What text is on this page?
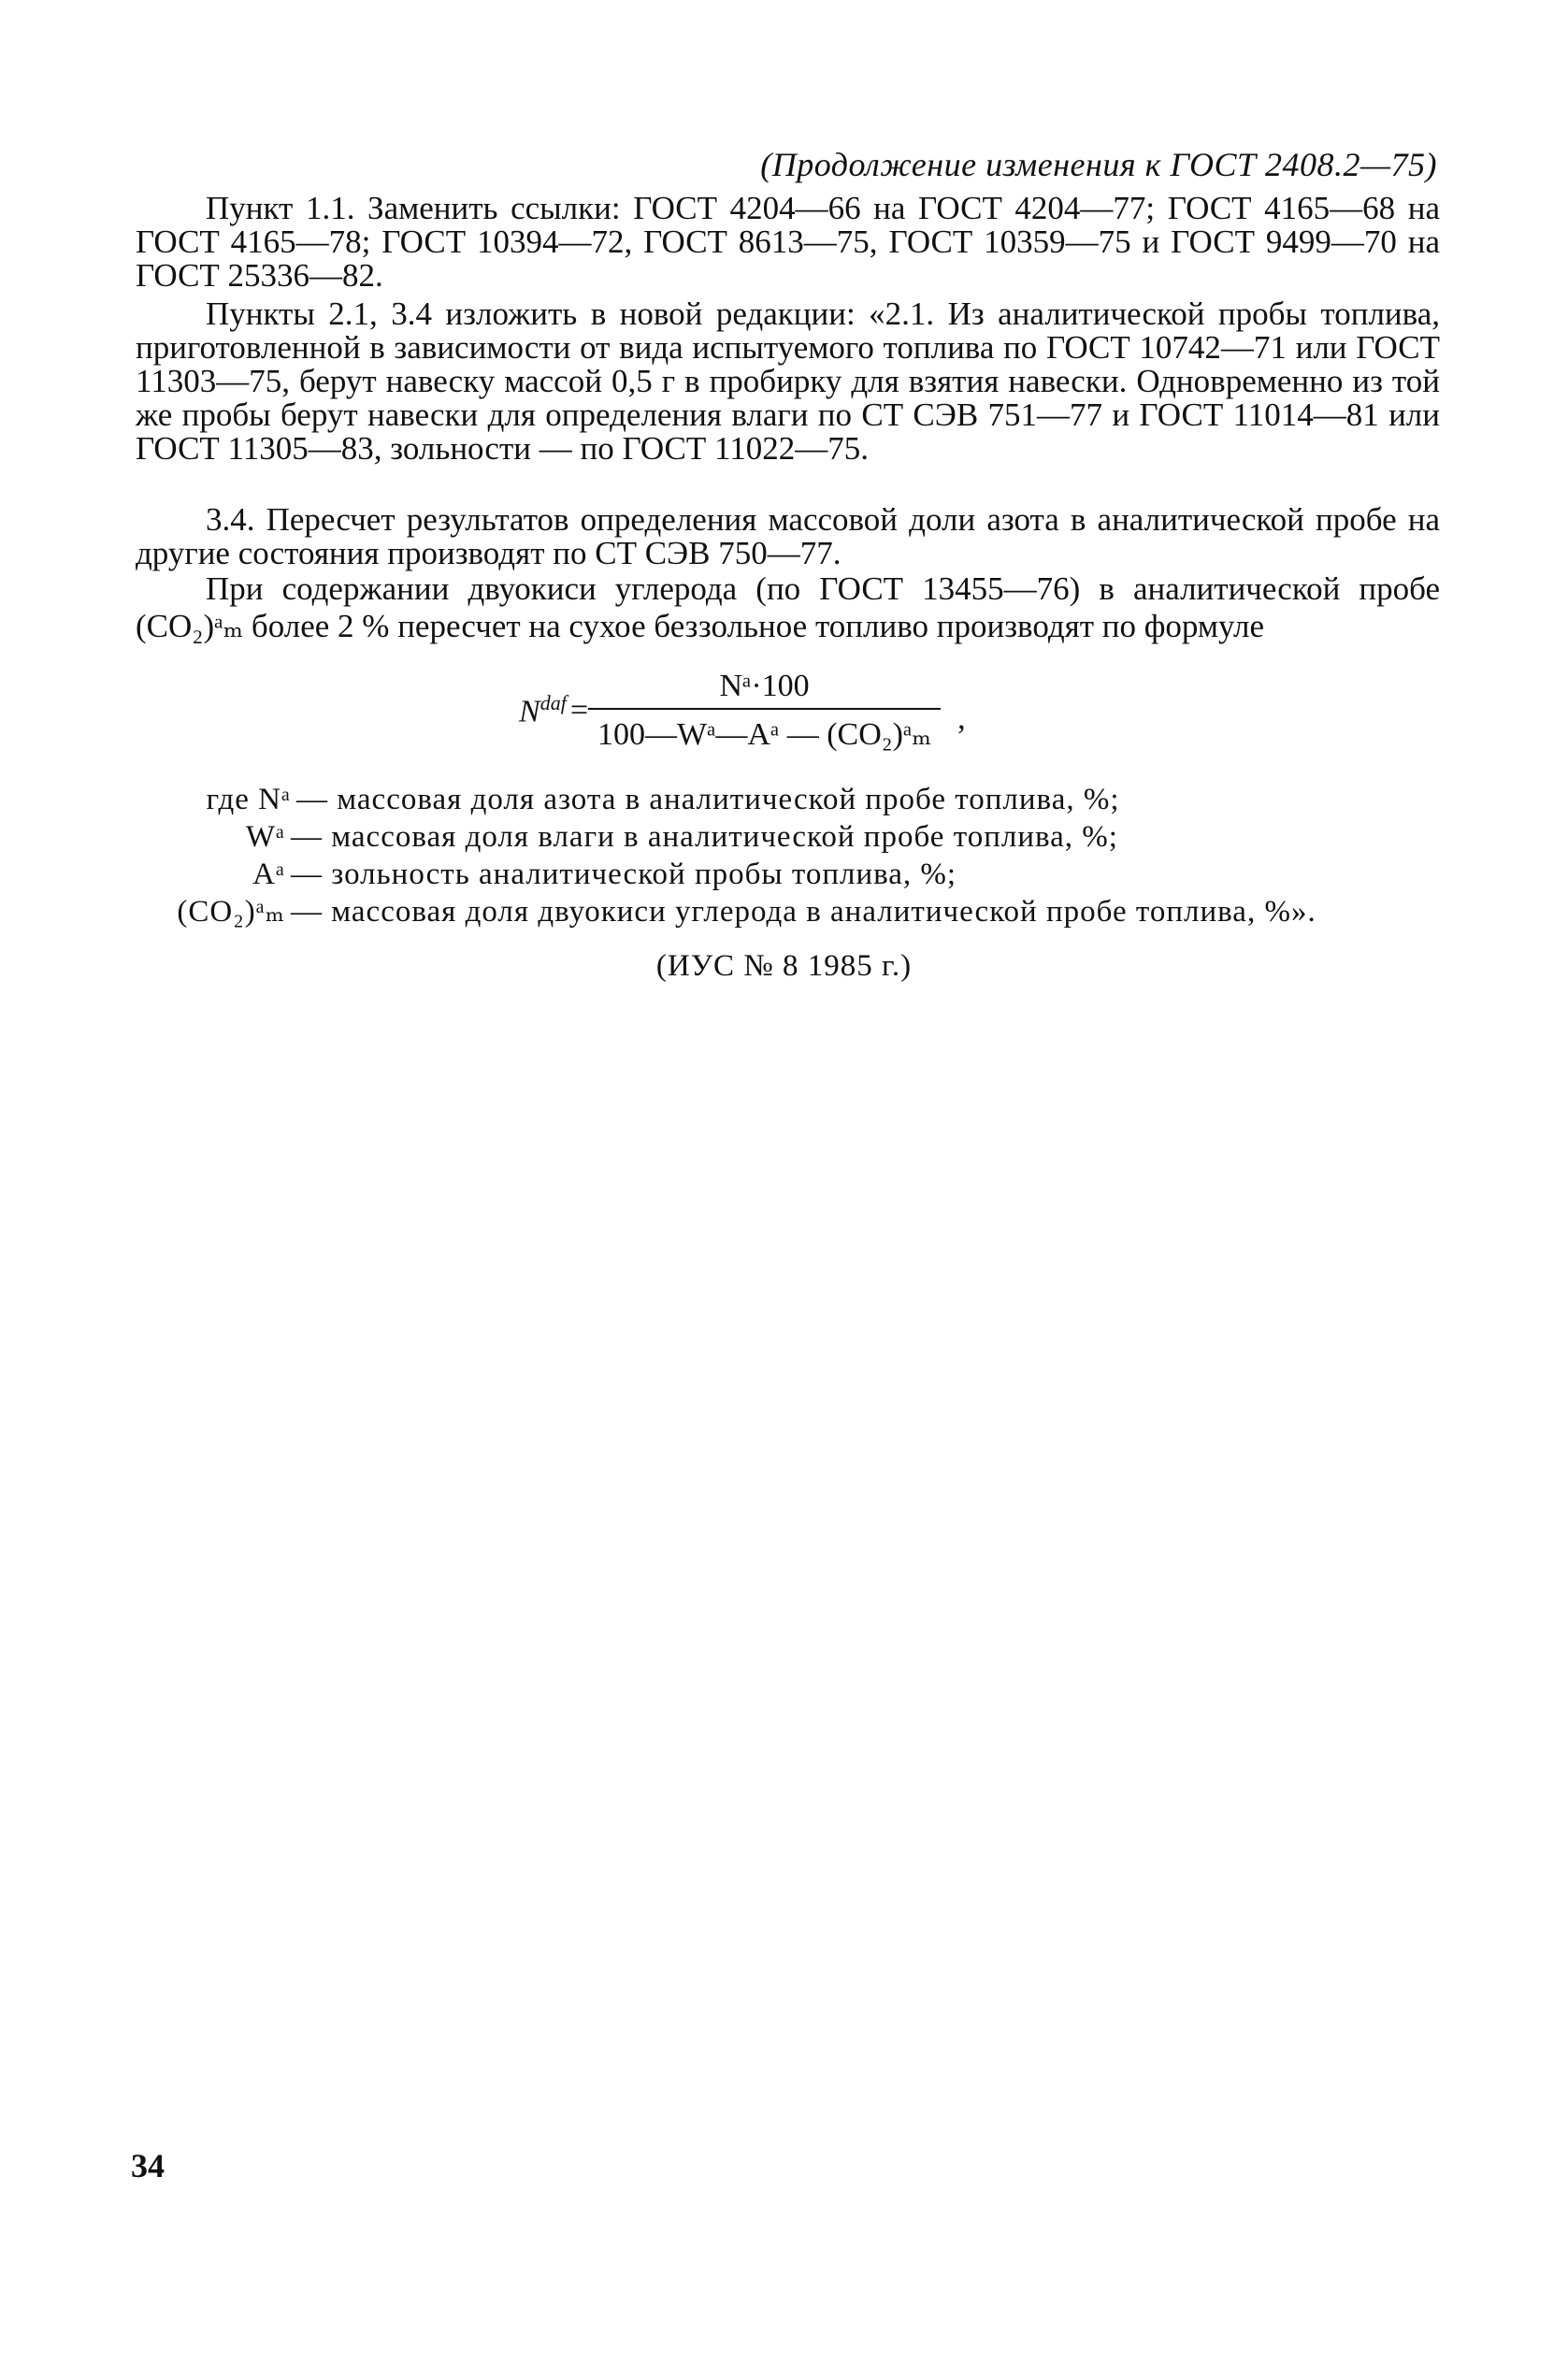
(Продолжение изменения к ГОСТ 2408.2—75)
Пункт 1.1. Заменить ссылки: ГОСТ 4204—66 на ГОСТ 4204—77; ГОСТ 4165—68 на ГОСТ 4165—78; ГОСТ 10394—72, ГОСТ 8613—75, ГОСТ 10359—75 и ГОСТ 9499—70 на ГОСТ 25336—82.
Пункты 2.1, 3.4 изложить в новой редакции: «2.1. Из аналитической пробы топлива, приготовленной в зависимости от вида испытуемого топлива по ГОСТ 10742—71 или ГОСТ 11303—75, берут навеску массой 0,5 г в пробирку для взятия навески. Одновременно из той же пробы берут навески для определения влаги по СТ СЭВ 751—77 и ГОСТ 11014—81 или ГОСТ 11305—83, зольности — по ГОСТ 11022—75.
3.4. Пересчет результатов определения массовой доли азота в аналитической пробе на другие состояния производят по СТ СЭВ 750—77.
При содержании двуокиси углерода (по ГОСТ 13455—76) в аналитической пробе (CO₂)ᵃₘ более 2 % пересчет на сухое беззольное топливо производят по формуле
$N^{daf} = \frac{\text{Nᵃ·100}}{\text{100—Wᵃ—Aᵃ — (CO₂)ᵃₘ}}$ ,
где Nᵃ — массовая доля азота в аналитической пробе топлива, %;
Wᵃ — массовая доля влаги в аналитической пробе топлива, %;
Aᵃ — зольность аналитической пробы топлива, %;
(CO₂)ᵃₘ — массовая доля двуокиси углерода в аналитической пробе топлива, %».
(ИУС № 8 1985 г.)
34
